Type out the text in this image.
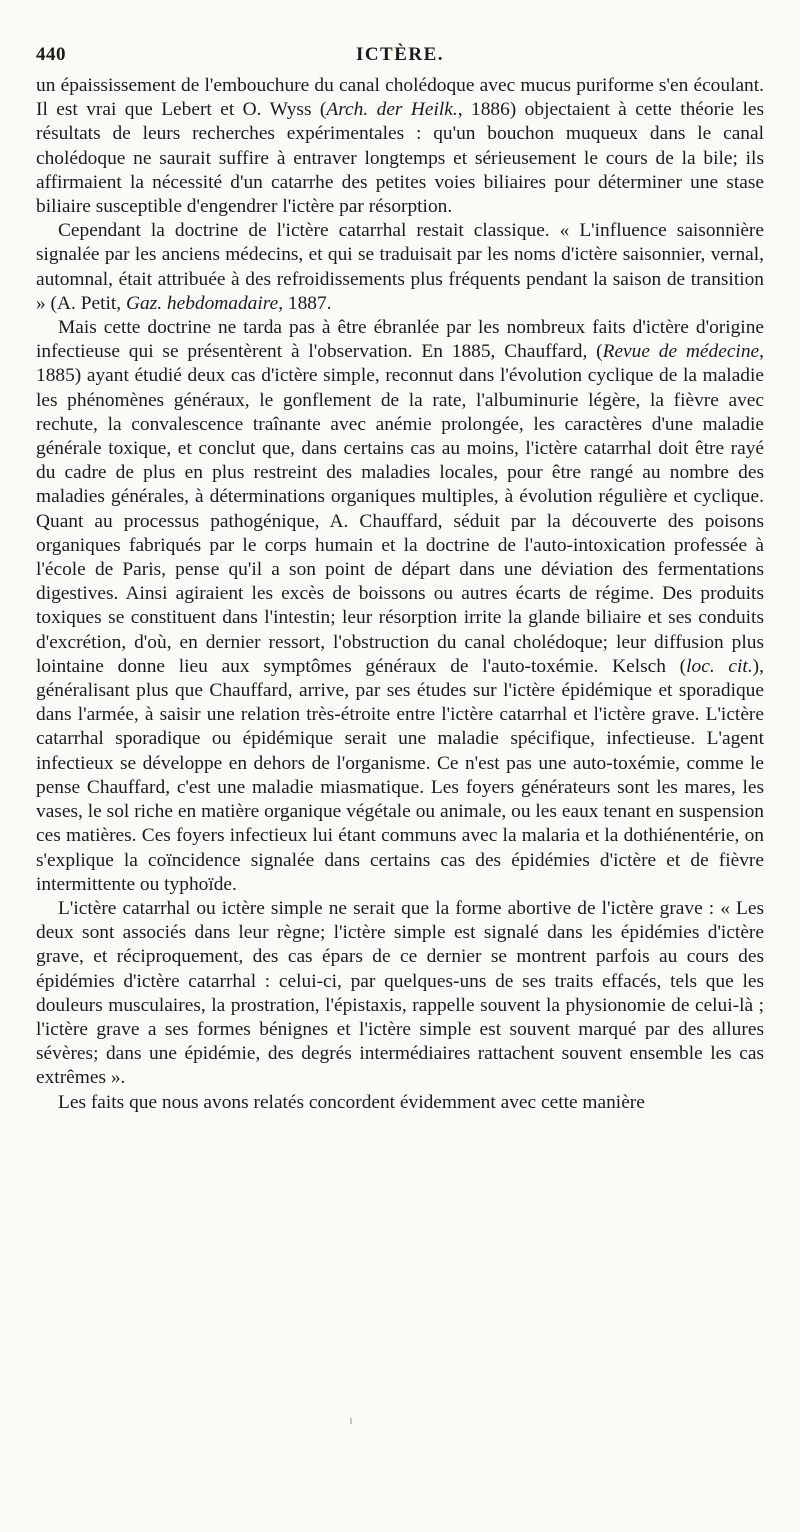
440	ICTÈRE.

un épaississement de l'embouchure du canal cholédoque avec mucus puriforme s'en écoulant. Il est vrai que Lebert et O. Wyss (Arch. der Heilk., 1886) objectaient à cette théorie les résultats de leurs recherches expérimentales : qu'un bouchon muqueux dans le canal cholédoque ne saurait suffire à entraver longtemps et sérieusement le cours de la bile; ils affirmaient la nécessité d'un catarrhe des petites voies biliaires pour déterminer une stase biliaire susceptible d'engendrer l'ictère par résorption.

Cependant la doctrine de l'ictère catarrhal restait classique. « L'influence saisonnière signalée par les anciens médecins, et qui se traduisait par les noms d'ictère saisonnier, vernal, automnal, était attribuée à des refroidissements plus fréquents pendant la saison de transition » (A. Petit, Gaz. hebdomadaire, 1887.

Mais cette doctrine ne tarda pas à être ébranlée par les nombreux faits d'ictère d'origine infectieuse qui se présentèrent à l'observation. En 1885, Chauffard, (Revue de médecine, 1885) ayant étudié deux cas d'ictère simple, reconnut dans l'évolution cyclique de la maladie les phénomènes généraux, le gonflement de la rate, l'albuminurie légère, la fièvre avec rechute, la convalescence traînante avec anémie prolongée, les caractères d'une maladie générale toxique, et conclut que, dans certains cas au moins, l'ictère catarrhal doit être rayé du cadre de plus en plus restreint des maladies locales, pour être rangé au nombre des maladies générales, à déterminations organiques multiples, à évolution régulière et cyclique. Quant au processus pathogénique, A. Chauffard, séduit par la découverte des poisons organiques fabriqués par le corps humain et la doctrine de l'auto-intoxication professée à l'école de Paris, pense qu'il a son point de départ dans une déviation des fermentations digestives. Ainsi agiraient les excès de boissons ou autres écarts de régime. Des produits toxiques se constituent dans l'intestin; leur résorption irrite la glande biliaire et ses conduits d'excrétion, d'où, en dernier ressort, l'obstruction du canal cholédoque; leur diffusion plus lointaine donne lieu aux symptômes généraux de l'auto-toxémie. Kelsch (loc. cit.), généralisant plus que Chauffard, arrive, par ses études sur l'ictère épidémique et sporadique dans l'armée, à saisir une relation très-étroite entre l'ictère catarrhal et l'ictère grave. L'ictère catarrhal sporadique ou épidémique serait une maladie spécifique, infectieuse. L'agent infectieux se développe en dehors de l'organisme. Ce n'est pas une auto-toxémie, comme le pense Chauffard, c'est une maladie miasmatique. Les foyers générateurs sont les mares, les vases, le sol riche en matière organique végétale ou animale, ou les eaux tenant en suspension ces matières. Ces foyers infectieux lui étant communs avec la malaria et la dothiénentérie, on s'explique la coïncidence signalée dans certains cas des épidémies d'ictère et de fièvre intermittente ou typhoïde.

L'ictère catarrhal ou ictère simple ne serait que la forme abortive de l'ictère grave : « Les deux sont associés dans leur règne; l'ictère simple est signalé dans les épidémies d'ictère grave, et réciproquement, des cas épars de ce dernier se montrent parfois au cours des épidémies d'ictère catarrhal : celui-ci, par quelques-uns de ses traits effacés, tels que les douleurs musculaires, la prostration, l'épistaxis, rappelle souvent la physionomie de celui-là ; l'ictère grave a ses formes bénignes et l'ictère simple est souvent marqué par des allures sévères; dans une épidémie, des degrés intermédiaires rattachent souvent ensemble les cas extrêmes ».

Les faits que nous avons relatés concordent évidemment avec cette manière
